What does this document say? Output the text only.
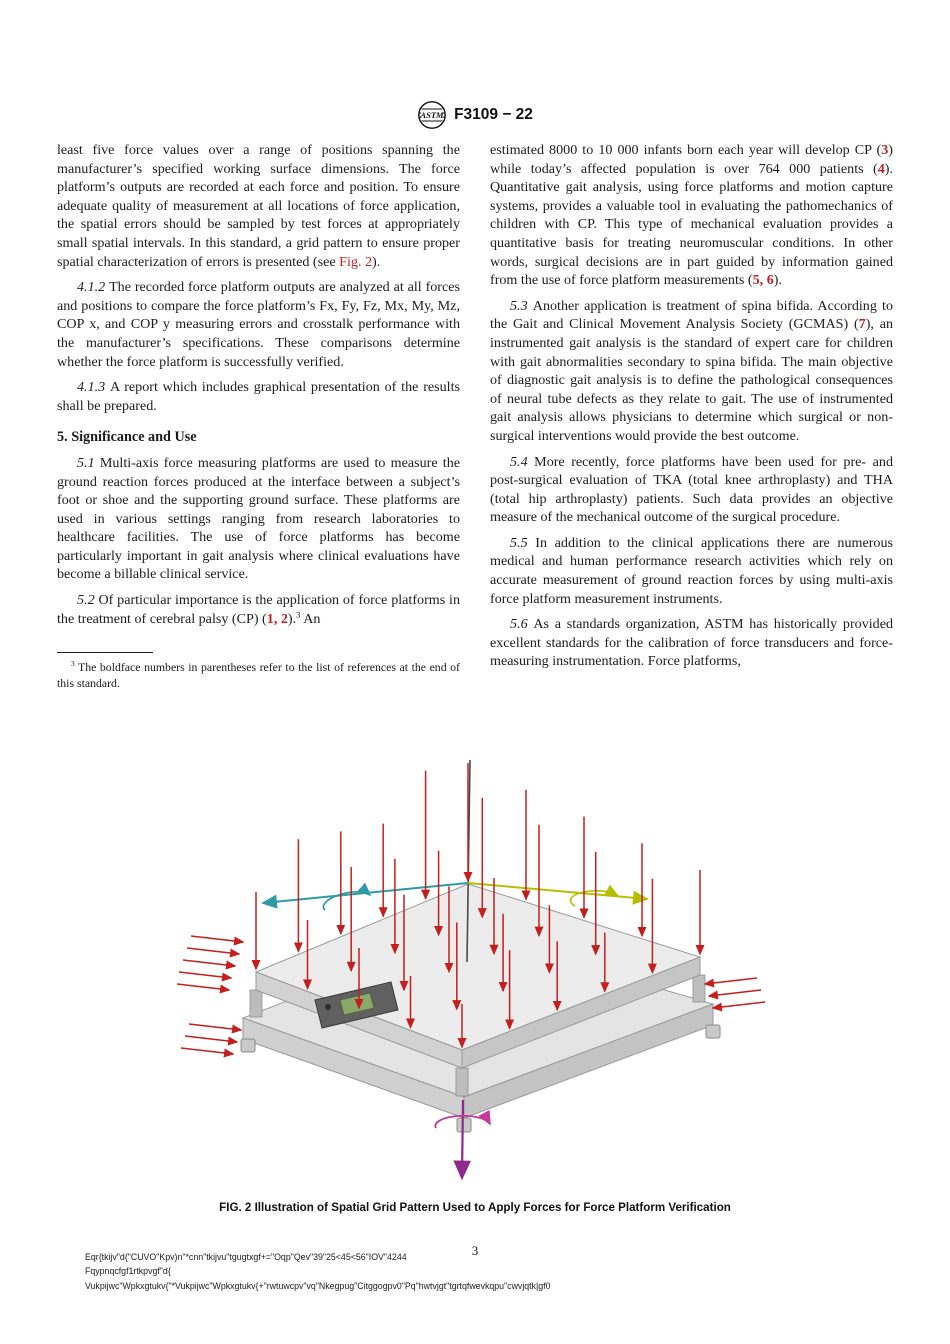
ASTM F3109 − 22

least five force values over a range of positions spanning the manufacturer’s specified working surface dimensions. The force platform’s outputs are recorded at each force and position. To ensure adequate quality of measurement at all locations of force application, the spatial errors should be sampled by test forces at appropriately small spatial intervals. In this standard, a grid pattern to ensure proper spatial characterization of errors is presented (see Fig. 2).

4.1.2 The recorded force platform outputs are analyzed at all forces and positions to compare the force platform’s Fx, Fy, Fz, Mx, My, Mz, COP x, and COP y measuring errors and crosstalk performance with the manufacturer’s specifications. These comparisons determine whether the force platform is successfully verified.

4.1.3 A report which includes graphical presentation of the results shall be prepared.

5. Significance and Use

5.1 Multi-axis force measuring platforms are used to measure the ground reaction forces produced at the interface between a subject’s foot or shoe and the supporting ground surface. These platforms are used in various settings ranging from research laboratories to healthcare facilities. The use of force platforms has become particularly important in gait analysis where clinical evaluations have become a billable clinical service.

5.2 Of particular importance is the application of force platforms in the treatment of cerebral palsy (CP) (1, 2).$^3$ An

$^3$ The boldface numbers in parentheses refer to the list of references at the end of this standard.

estimated 8000 to 10 000 infants born each year will develop CP (3) while today’s affected population is over 764 000 patients (4). Quantitative gait analysis, using force platforms and motion capture systems, provides a valuable tool in evaluating the pathomechanics of children with CP. This type of mechanical evaluation provides a quantitative basis for treating neuromuscular conditions. In other words, surgical decisions are in part guided by information gained from the use of force platform measurements (5, 6).

5.3 Another application is treatment of spina bifida. According to the Gait and Clinical Movement Analysis Society (GCMAS) (7), an instrumented gait analysis is the standard of expert care for children with gait abnormalities secondary to spina bifida. The main objective of diagnostic gait analysis is to define the pathological consequences of neural tube defects as they relate to gait. The use of instrumented gait analysis allows physicians to determine which surgical or non-surgical interventions would provide the best outcome.

5.4 More recently, force platforms have been used for pre- and post-surgical evaluation of TKA (total knee arthroplasty) and THA (total hip arthroplasty) patients. Such data provides an objective measure of the mechanical outcome of the surgical procedure.

5.5 In addition to the clinical applications there are numerous medical and human performance research activities which rely on accurate measurement of ground reaction forces by using multi-axis force platform measurement instruments.

5.6 As a standards organization, ASTM has historically provided excellent standards for the calibration of force transducers and force-measuring instrumentation. Force platforms,

FIG. 2 Illustration of Spatial Grid Pattern Used to Apply Forces for Force Platform Verification
3
Eqr{tkijv"d{"CUVO"Kpv)n"*cnn"tkijvu"tgugtxgf+="Oqp"Qev"39"25<45<56"IOV"4244
Fqypnqcfgf1rtkpvgf"d{
Vukpijwc"Wpkxgtukv{"*Vukpijwc"Wpkxgtukv{+"rwtuwcpv"vq"Nkegpug"Citggogpv0"Pq"hwtvjgt"tgrtqfwevkqpu"cwvjqtk|gf0
